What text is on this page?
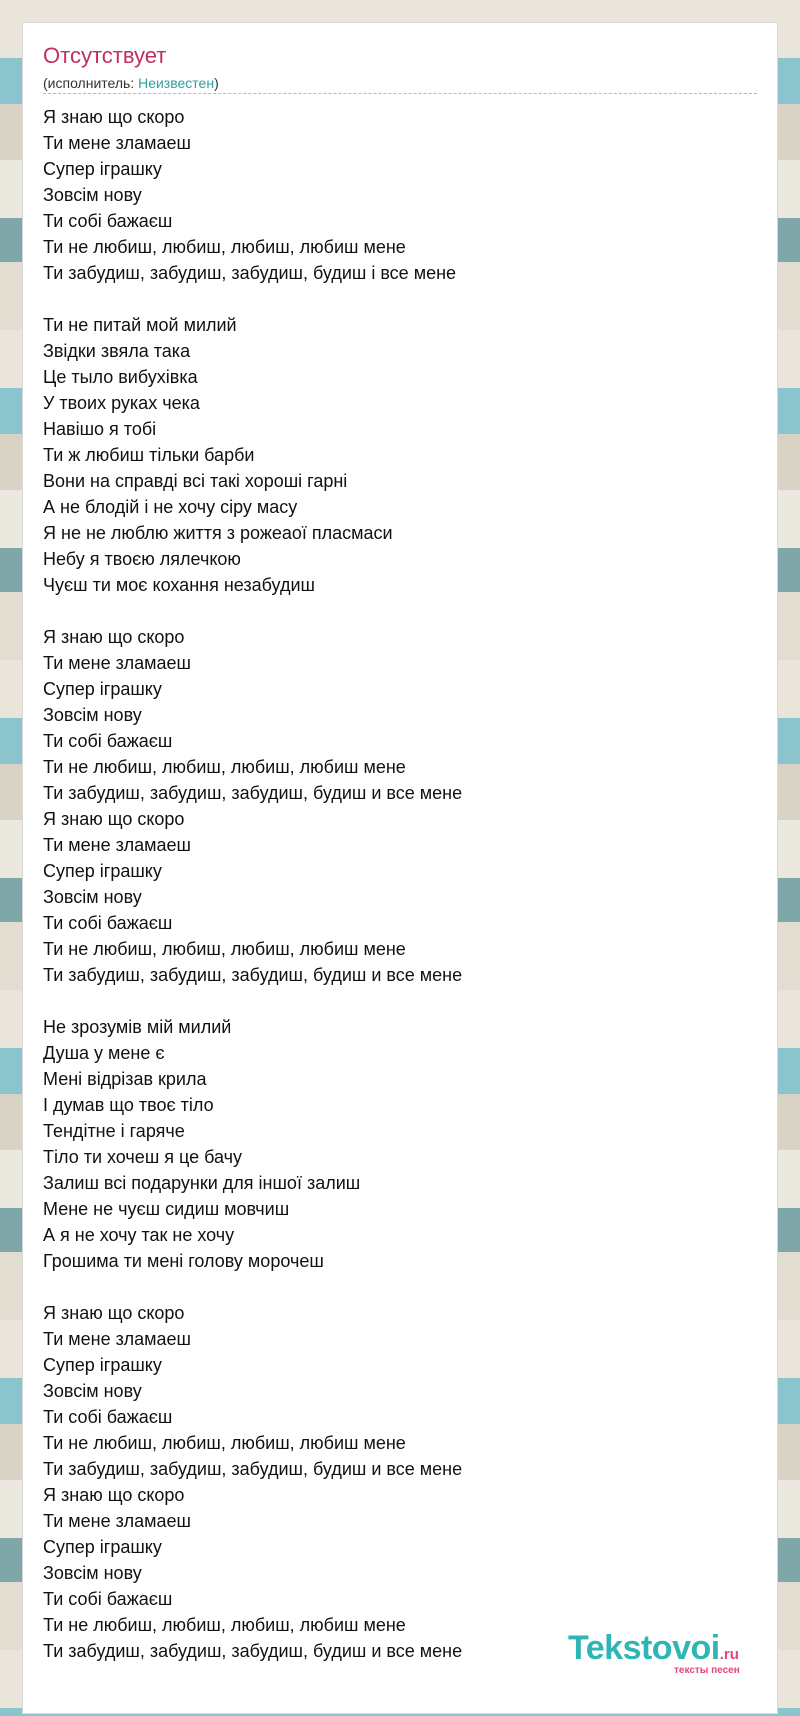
Отсутствует
(исполнитель: Неизвестен)
Я знаю що скоро
Ти мене зламаеш
Супер іграшку
Зовсім нову
Ти собі бажаєш
Ти не любиш, любиш, любиш, любиш мене
Ти забудиш, забудиш, забудиш, будиш і все мене
Ти не питай мой милий
Звідки звяла така
Це тыло вибухівка
У твоих руках чека
Навішо я тобі
Ти ж любиш тільки барби
Вони на справді всі такі хороші гарні
А не блодій і не хочу сіру масу
Я не не люблю життя з рожеаої пласмаси
Небу я твоєю лялечкою
Чуєш ти моє кохання незабудиш
Я знаю що скоро
Ти мене зламаеш
Супер іграшку
Зовсім нову
Ти собі бажаєш
Ти не любиш, любиш, любиш, любиш мене
Ти забудиш, забудиш, забудиш, будиш и все мене
Я знаю що скоро
Ти мене зламаеш
Супер іграшку
Зовсім нову
Ти собі бажаєш
Ти не любиш, любиш, любиш, любиш мене
Ти забудиш, забудиш, забудиш, будиш и все мене
Не зрозумів мій милий
Душа у мене є
Мені відрізав крила
І думав що твоє тіло
Тендітне і гаряче
Тіло ти хочеш я це бачу
Залиш всі подарунки для іншої залиш
Мене не чуєш сидиш мовчиш
А я не хочу так не хочу
Грошима ти мені голову морочеш
Я знаю що скоро
Ти мене зламаеш
Супер іграшку
Зовсім нову
Ти собі бажаєш
Ти не любиш, любиш, любиш, любиш мене
Ти забудиш, забудиш, забудиш, будиш и все мене
Я знаю що скоро
Ти мене зламаеш
Супер іграшку
Зовсім нову
Ти собі бажаєш
Ти не любиш, любиш, любиш, любиш мене
Ти забудиш, забудиш, забудиш, будиш и все мене	Tekstovoi.ru
тексты песен
